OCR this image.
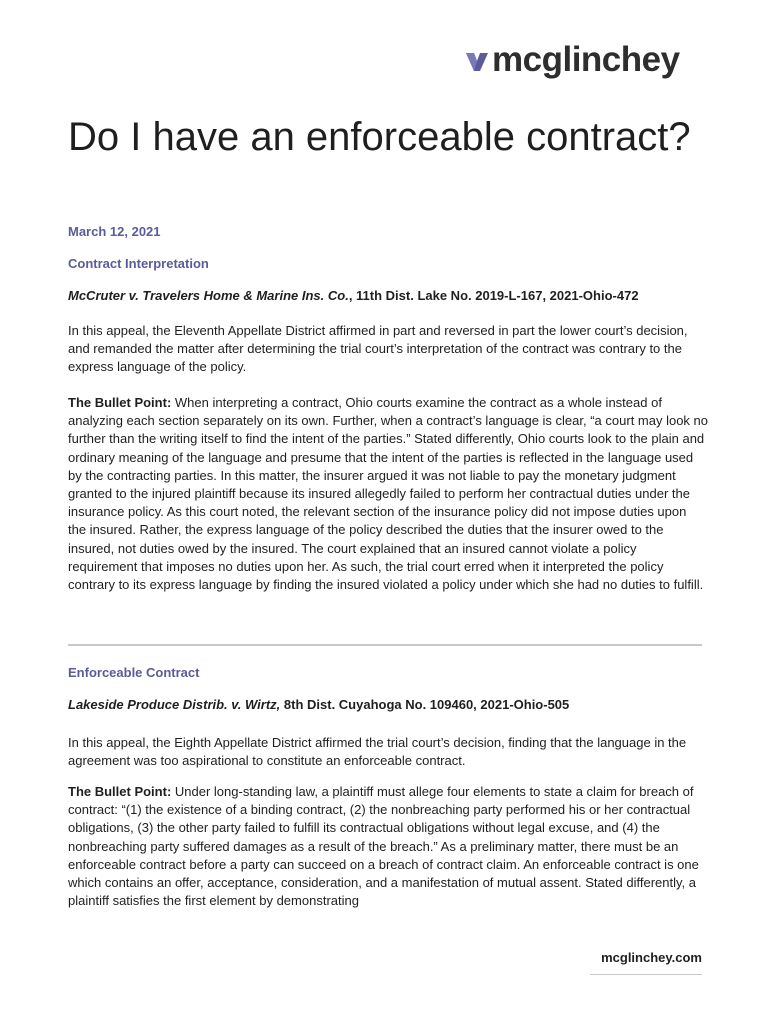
mcglinchey
Do I have an enforceable contract?
March 12, 2021
Contract Interpretation
McCruter v. Travelers Home & Marine Ins. Co., 11th Dist. Lake No. 2019-L-167, 2021-Ohio-472

In this appeal, the Eleventh Appellate District affirmed in part and reversed in part the lower court’s decision, and remanded the matter after determining the trial court’s interpretation of the contract was contrary to the express language of the policy.

The Bullet Point: When interpreting a contract, Ohio courts examine the contract as a whole instead of analyzing each section separately on its own. Further, when a contract’s language is clear, “a court may look no further than the writing itself to find the intent of the parties.” Stated differently, Ohio courts look to the plain and ordinary meaning of the language and presume that the intent of the parties is reflected in the language used by the contracting parties. In this matter, the insurer argued it was not liable to pay the monetary judgment granted to the injured plaintiff because its insured allegedly failed to perform her contractual duties under the insurance policy. As this court noted, the relevant section of the insurance policy did not impose duties upon the insured. Rather, the express language of the policy described the duties that the insurer owed to the insured, not duties owed by the insured. The court explained that an insured cannot violate a policy requirement that imposes no duties upon her. As such, the trial court erred when it interpreted the policy contrary to its express language by finding the insured violated a policy under which she had no duties to fulfill.

Enforceable Contract
Lakeside Produce Distrib. v. Wirtz, 8th Dist. Cuyahoga No. 109460, 2021-Ohio-505

In this appeal, the Eighth Appellate District affirmed the trial court’s decision, finding that the language in the agreement was too aspirational to constitute an enforceable contract.

The Bullet Point: Under long-standing law, a plaintiff must allege four elements to state a claim for breach of contract: “(1) the existence of a binding contract, (2) the nonbreaching party performed his or her contractual obligations, (3) the other party failed to fulfill its contractual obligations without legal excuse, and (4) the nonbreaching party suffered damages as a result of the breach.” As a preliminary matter, there must be an enforceable contract before a party can succeed on a breach of contract claim. An enforceable contract is one which contains an offer, acceptance, consideration, and a manifestation of mutual assent. Stated differently, a plaintiff satisfies the first element by demonstrating

mcglinchey.com
